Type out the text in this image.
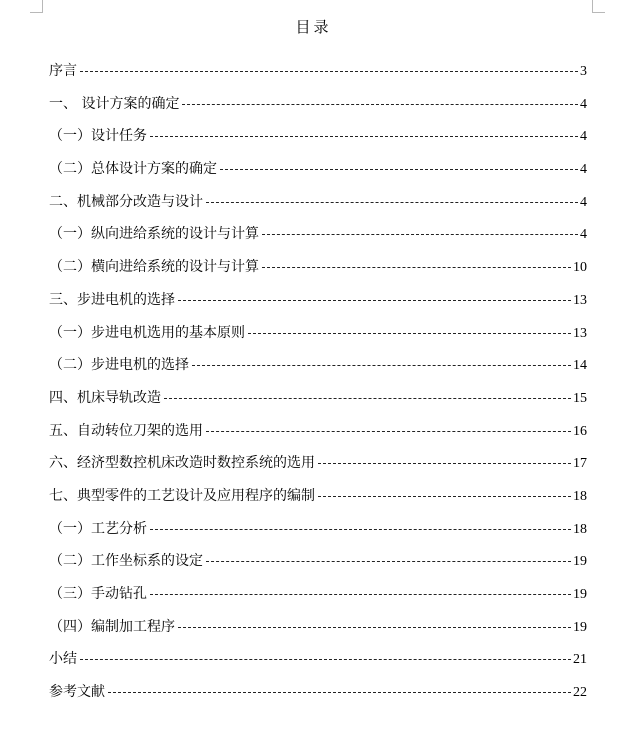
目录
序言	3
一、 设计方案的确定	4
（一）设计任务	4
（二）总体设计方案的确定	4
二、机械部分改造与设计	4
（一）纵向进给系统的设计与计算	4
（二）横向进给系统的设计与计算	10
三、步进电机的选择	13
（一）步进电机选用的基本原则	13
（二）步进电机的选择	14
四、机床导轨改造	15
五、自动转位刀架的选用	16
六、经济型数控机床改造时数控系统的选用	17
七、典型零件的工艺设计及应用程序的编制	18
（一）工艺分析	18
（二）工作坐标系的设定	19
（三）手动钻孔	19
（四）编制加工程序	19
小结	21
参考文献	22
